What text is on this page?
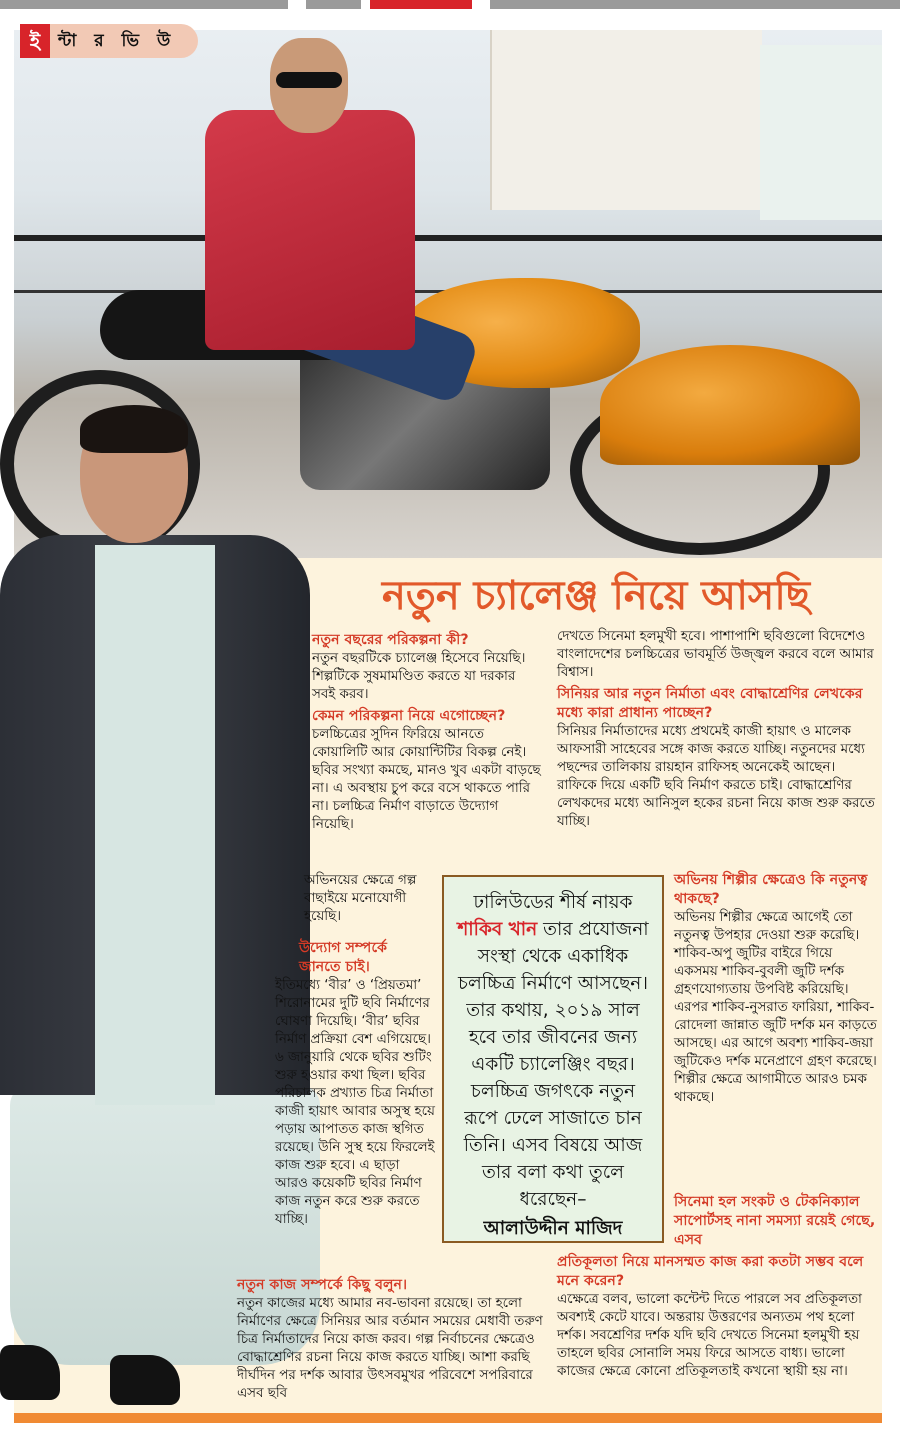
ই	ন্টা র ভি উ
নতুন চ্যালেঞ্জ নিয়ে আসছি

নতুন বছরের পরিকল্পনা কী?

নতুন বছরটিকে চ্যালেঞ্জ হিসেবে নিয়েছি। শিল্পটিকে সুষমামণ্ডিত করতে যা দরকার সবই করব।

কেমন পরিকল্পনা নিয়ে এগোচ্ছেন?

চলচ্চিত্রের সুদিন ফিরিয়ে আনতে কোয়ালিটি আর কোয়ান্টিটির বিকল্প নেই। ছবির সংখ্যা কমছে, মানও খুব একটা বাড়ছে না। এ অবস্থায় চুপ করে বসে থাকতে পারি না। চলচ্চিত্র নির্মাণ বাড়াতে উদ্যোগ নিয়েছি।

অভিনয়ের ক্ষেত্রে গল্প বাছাইয়ে মনোযোগী হয়েছি।

উদ্যোগ সম্পর্কে জানতে চাই।

ইতিমধ্যে ‘বীর’ ও ‘প্রিয়তমা’ শিরোনামের দুটি ছবি নির্মাণের ঘোষণা দিয়েছি। ‘বীর’ ছবির নির্মাণ প্রক্রিয়া বেশ এগিয়েছে। ৬ জানুয়ারি থেকে ছবির শুটিং শুরু হওয়ার কথা ছিল। ছবির পরিচালক প্রখ্যাত চিত্র নির্মাতা কাজী হায়াৎ আবার অসুস্থ হয়ে পড়ায় আপাতত কাজ স্থগিত রয়েছে। উনি সুস্থ হয়ে ফিরলেই কাজ শুরু হবে। এ ছাড়া আরও কয়েকটি ছবির নির্মাণ কাজ নতুন করে শুরু করতে যাচ্ছি।

নতুন কাজ সম্পর্কে কিছু বলুন।

নতুন কাজের মধ্যে আমার নব-ভাবনা রয়েছে। তা হলো নির্মাণের ক্ষেত্রে সিনিয়র আর বর্তমান সময়ের মেধাবী তরুণ চিত্র নির্মাতাদের নিয়ে কাজ করব। গল্প নির্বাচনের ক্ষেত্রেও বোদ্ধাশ্রেণির রচনা নিয়ে কাজ করতে যাচ্ছি। আশা করছি দীর্ঘদিন পর দর্শক আবার উৎসবমুখর পরিবেশে সপরিবারে এসব ছবি

দেখতে সিনেমা হলমুখী হবে। পাশাপাশি ছবিগুলো বিদেশেও বাংলাদেশের চলচ্চিত্রের ভাবমূর্তি উজ্জ্বল করবে বলে আমার বিশ্বাস।

সিনিয়র আর নতুন নির্মাতা এবং বোদ্ধাশ্রেণির লেখকের মধ্যে কারা প্রাধান্য পাচ্ছেন?

সিনিয়র নির্মাতাদের মধ্যে প্রথমেই কাজী হায়াৎ ও মালেক আফসারী সাহেবের সঙ্গে কাজ করতে যাচ্ছি। নতুনদের মধ্যে পছন্দের তালিকায় রায়হান রাফিসহ অনেকেই আছেন। রাফিকে দিয়ে একটি ছবি নির্মাণ করতে চাই। বোদ্ধাশ্রেণির লেখকদের মধ্যে আনিসুল হকের রচনা নিয়ে কাজ শুরু করতে যাচ্ছি।

অভিনয় শিল্পীর ক্ষেত্রেও কি নতুনত্ব থাকছে?

অভিনয় শিল্পীর ক্ষেত্রে আগেই তো নতুনত্ব উপহার দেওয়া শুরু করেছি। শাকিব-অপু জুটির বাইরে গিয়ে একসময় শাকিব-বুবলী জুটি দর্শক গ্রহণযোগ্যতায় উপবিষ্ট করিয়েছি। এরপর শাকিব-নুসরাত ফারিয়া, শাকিব-রোদেলা জান্নাত জুটি দর্শক মন কাড়তে আসছে। এর আগে অবশ্য শাকিব-জয়া জুটিকেও দর্শক মনেপ্রাণে গ্রহণ করেছে। শিল্পীর ক্ষেত্রে আগামীতে আরও চমক থাকছে।

সিনেমা হল সংকট ও টেকনিক্যাল সাপোর্টসহ নানা সমস্যা রয়েই গেছে, এসব

প্রতিকূলতা নিয়ে মানসম্মত কাজ করা কতটা সম্ভব বলে মনে করেন?

এক্ষেত্রে বলব, ভালো কন্টেন্ট দিতে পারলে সব প্রতিকূলতা অবশ্যই কেটে যাবে। অন্তরায় উত্তরণের অন্যতম পথ হলো দর্শক। সবশ্রেণির দর্শক যদি ছবি দেখতে সিনেমা হলমুখী হয় তাহলে ছবির সোনালি সময় ফিরে আসতে বাধ্য। ভালো কাজের ক্ষেত্রে কোনো প্রতিকূলতাই কখনো স্থায়ী হয় না।

ঢালিউডের শীর্ষ নায়ক শাকিব খান তার প্রযোজনা সংস্থা থেকে একাধিক চলচ্চিত্র নির্মাণে আসছেন। তার কথায়, ২০১৯ সাল হবে তার জীবনের জন্য একটি চ্যালেঞ্জিং বছর। চলচ্চিত্র জগৎকে নতুন রূপে ঢেলে সাজাতে চান তিনি। এসব বিষয়ে আজ তার বলা কথা তুলে ধরেছেন–
আলাউদ্দীন মাজিদ
